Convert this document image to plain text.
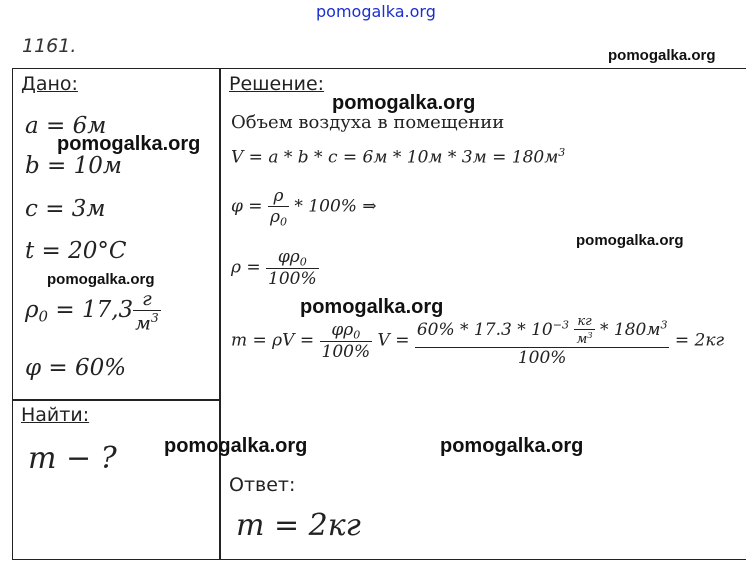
pomogalka.org
1161.	pomogalka.org
Дано:
a = 6м
b = 10м
c = 3м
t = 20°C
$\rho_0 = 17,3 \frac{г}{м^3}$
φ = 60%
Найти:
m − ?
Решение:
Объем воздуха в помещении
$V = a * b * c = 6м * 10м * 3м = 180м^3$
$\varphi = \frac{\rho}{\rho_0} * 100\%$ ⇒
$\rho = \frac{\varphi\rho_0}{100\%}$
$m = \rho V = \frac{\varphi\rho_0}{100\%}$ $V = \frac{60\% * 17.3 * 10^{-3} \frac{кг}{м^3} * 180м^3}{100\%} = 2кг$
Ответ:
m = 2кг
pomogalka.org
pomogalka.org
pomogalka.org
pomogalka.org
pomogalka.org
pomogalka.org	pomogalka.org
